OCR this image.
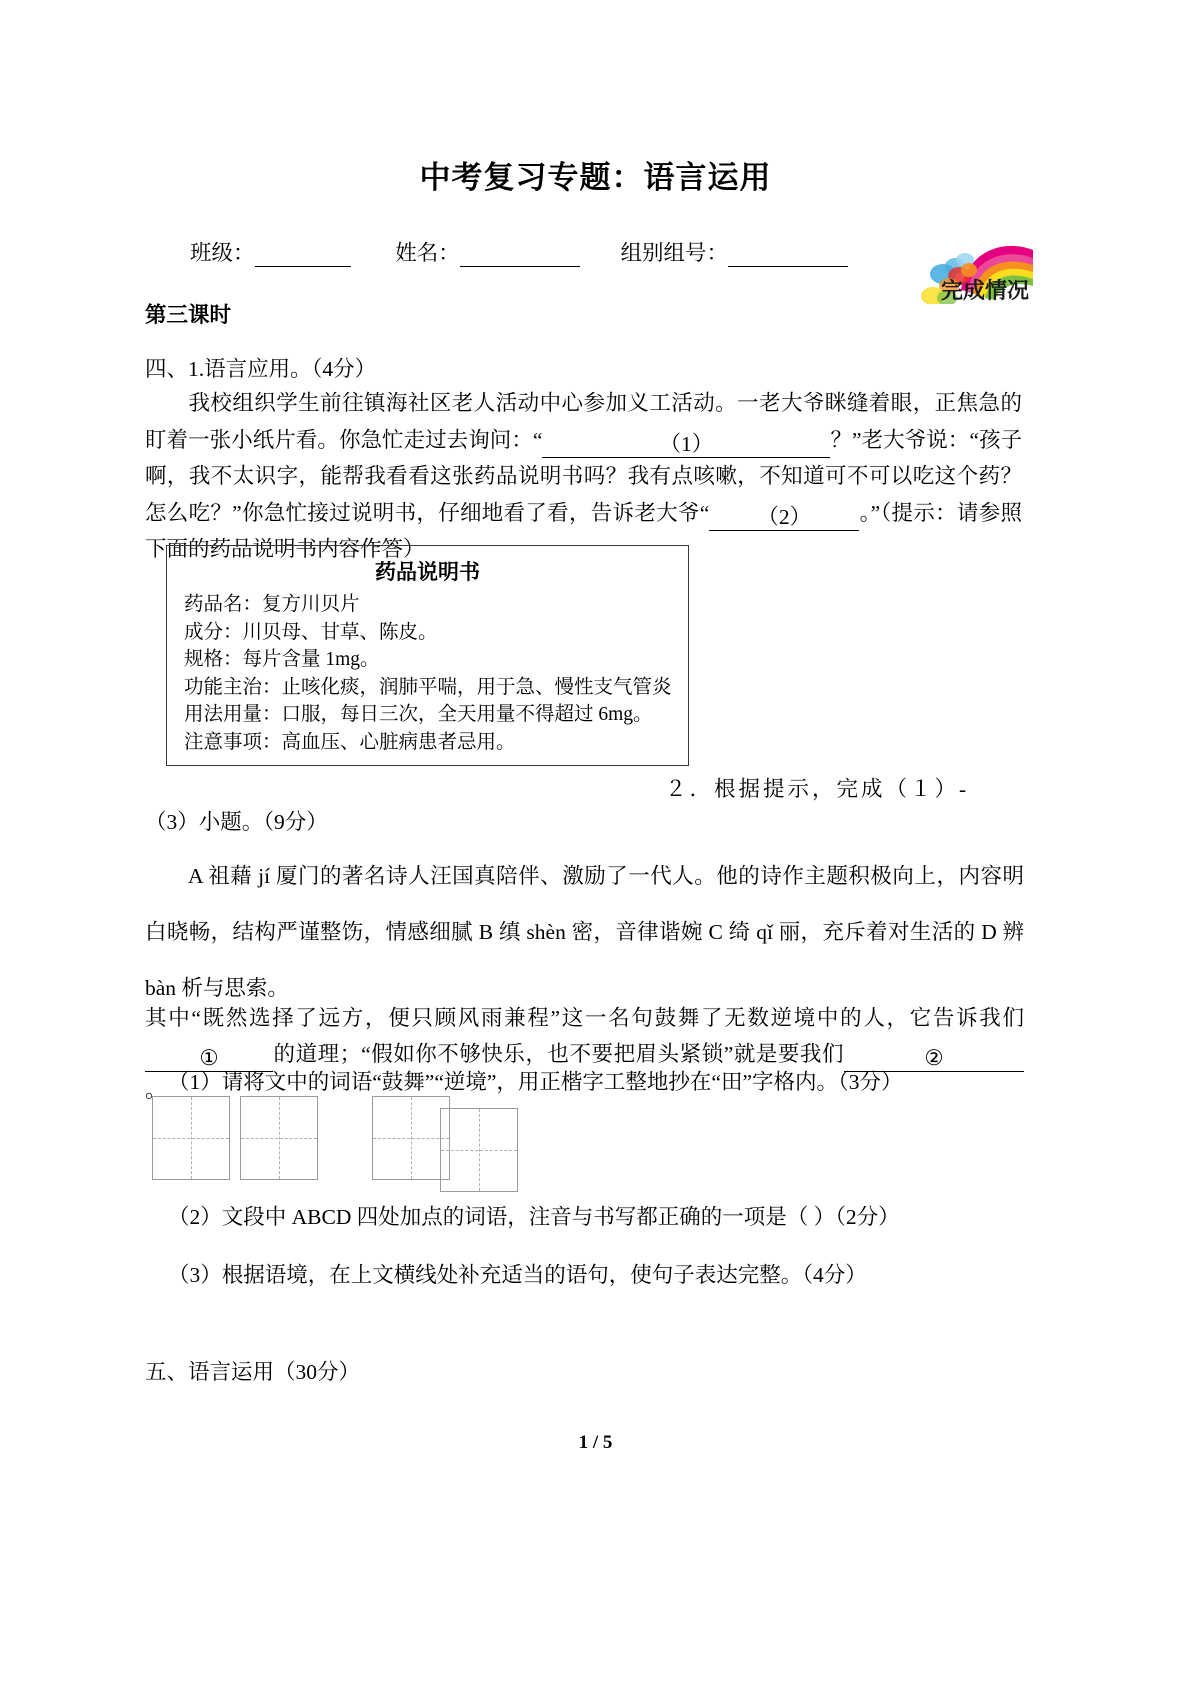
中考复习专题：语言运用
班级：	姓名：	组别组号：
完成情况
第三课时
四、1.语言应用。（4分）
我校组织学生前往镇海社区老人活动中心参加义工活动。一老大爷眯缝着眼，正焦急的盯着一张小纸片看。你急忙走过去询问：“	（1）	？”老大爷说：“孩子啊，我不太识字，能帮我看看这张药品说明书吗？我有点咳嗽，不知道可不可以吃这个药？怎么吃？”你急忙接过说明书，仔细地看了看，告诉老大爷“ （2） 。”（提示：请参照下面的药品说明书内容作答）
药品说明书
药品名：复方川贝片
成分：川贝母、甘草、陈皮。
规格：每片含量 1mg。
功能主治：止咳化痰，润肺平喘，用于急、慢性支气管炎
用法用量：口服，每日三次，全天用量不得超过 6mg。
注意事项：高血压、心脏病患者忌用。
２．根据提示，完成（１）-
（3）小题。（9分）
A 祖藉 jí 厦门的著名诗人汪国真陪伴、激励了一代人。他的诗作主题积极向上，内容明白晓畅，结构严谨整饬，情感细腻 B 缜 shèn 密，音律谐婉 C 绮 qǐ 丽，充斥着对生活的 D 辨 bàn 析与思索。
其中“既然选择了远方，便只顾风雨兼程”这一名句鼓舞了无数逆境中的人，它告诉我们①	的道理；“假如你不够快乐，也不要把眉头紧锁”就是要我们	②。 （1）请将文中的词语“鼓舞”“逆境”，用正楷字工整地抄在“田”字格内。（3分）
（2）文段中 ABCD 四处加点的词语，注音与书写都正确的一项是（ ）（2分）
（3）根据语境，在上文横线处补充适当的语句，使句子表达完整。（4分）
五、语言运用（30分）
1 / 5
